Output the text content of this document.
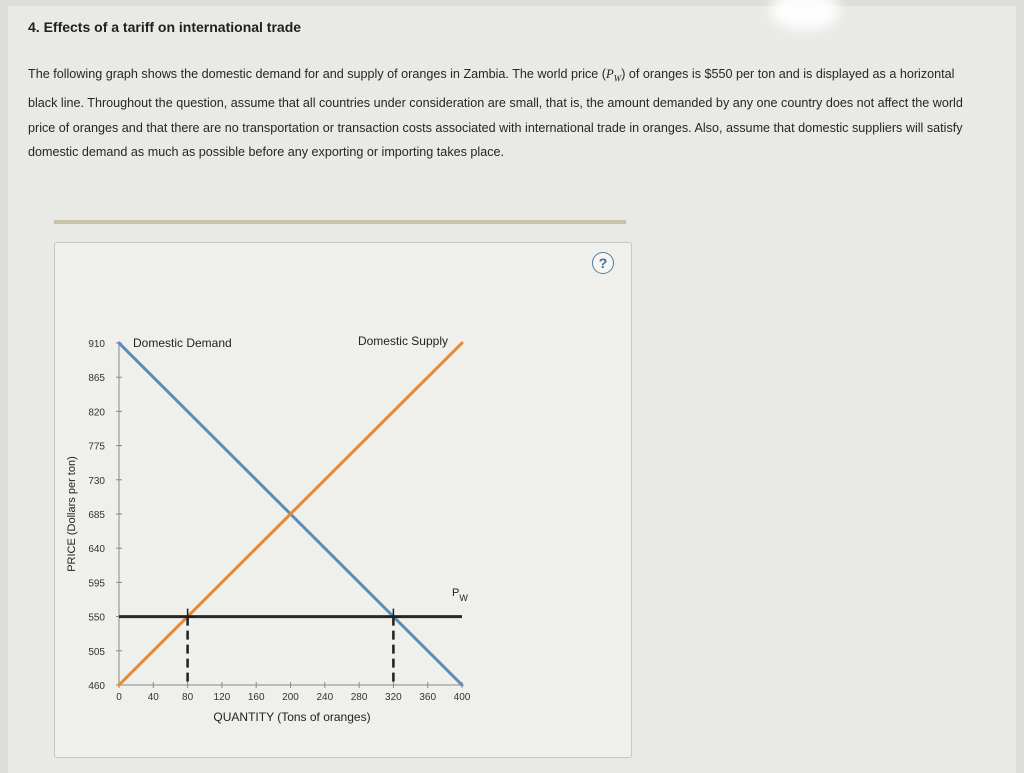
4. Effects of a tariff on international trade
The following graph shows the domestic demand for and supply of oranges in Zambia. The world price $(P_W)$ of oranges is $550 per ton and is displayed as a horizontal black line. Throughout the question, assume that all countries under consideration are small, that is, the amount demanded by any one country does not affect the world price of oranges and that there are no transportation or transaction costs associated with international trade in oranges. Also, assume that domestic suppliers will satisfy domestic demand as much as possible before any exporting or importing takes place.
?
460
505
550
595
640
685
730
775
820
865
910
0	40 80 120 160 200 240 280 320 360 400
Domestic Demand	Domestic Supply
$P_W$
QUANTITY (Tons of oranges)
PRICE (Dollars per ton)
